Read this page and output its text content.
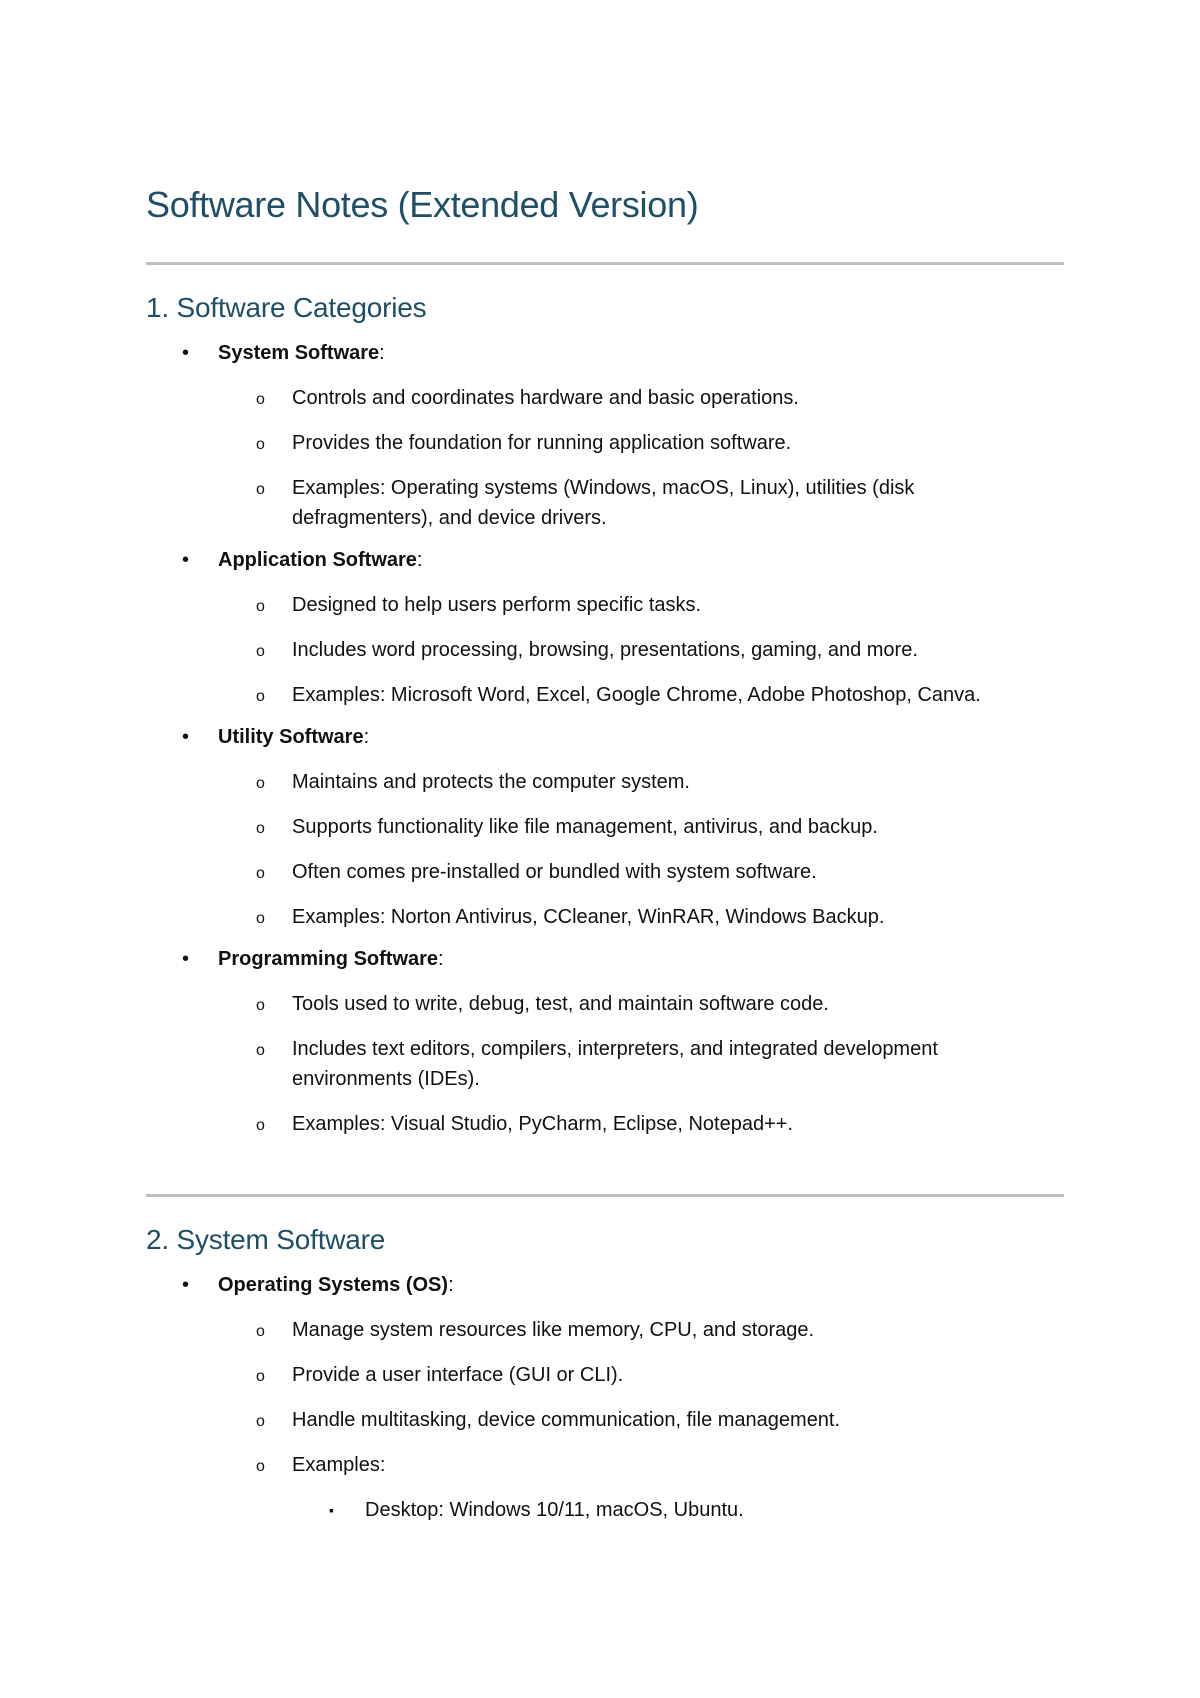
Software Notes (Extended Version)
1. Software Categories
• System Software:
o Controls and coordinates hardware and basic operations.
o Provides the foundation for running application software.
o Examples: Operating systems (Windows, macOS, Linux), utilities (disk defragmenters), and device drivers.
• Application Software:
o Designed to help users perform specific tasks.
o Includes word processing, browsing, presentations, gaming, and more.
o Examples: Microsoft Word, Excel, Google Chrome, Adobe Photoshop, Canva.
• Utility Software:
o Maintains and protects the computer system.
o Supports functionality like file management, antivirus, and backup.
o Often comes pre-installed or bundled with system software.
o Examples: Norton Antivirus, CCleaner, WinRAR, Windows Backup.
• Programming Software:
o Tools used to write, debug, test, and maintain software code.
o Includes text editors, compilers, interpreters, and integrated development environments (IDEs).
o Examples: Visual Studio, PyCharm, Eclipse, Notepad++.
2. System Software
• Operating Systems (OS):
o Manage system resources like memory, CPU, and storage.
o Provide a user interface (GUI or CLI).
o Handle multitasking, device communication, file management.
o Examples:
▪ Desktop: Windows 10/11, macOS, Ubuntu.
